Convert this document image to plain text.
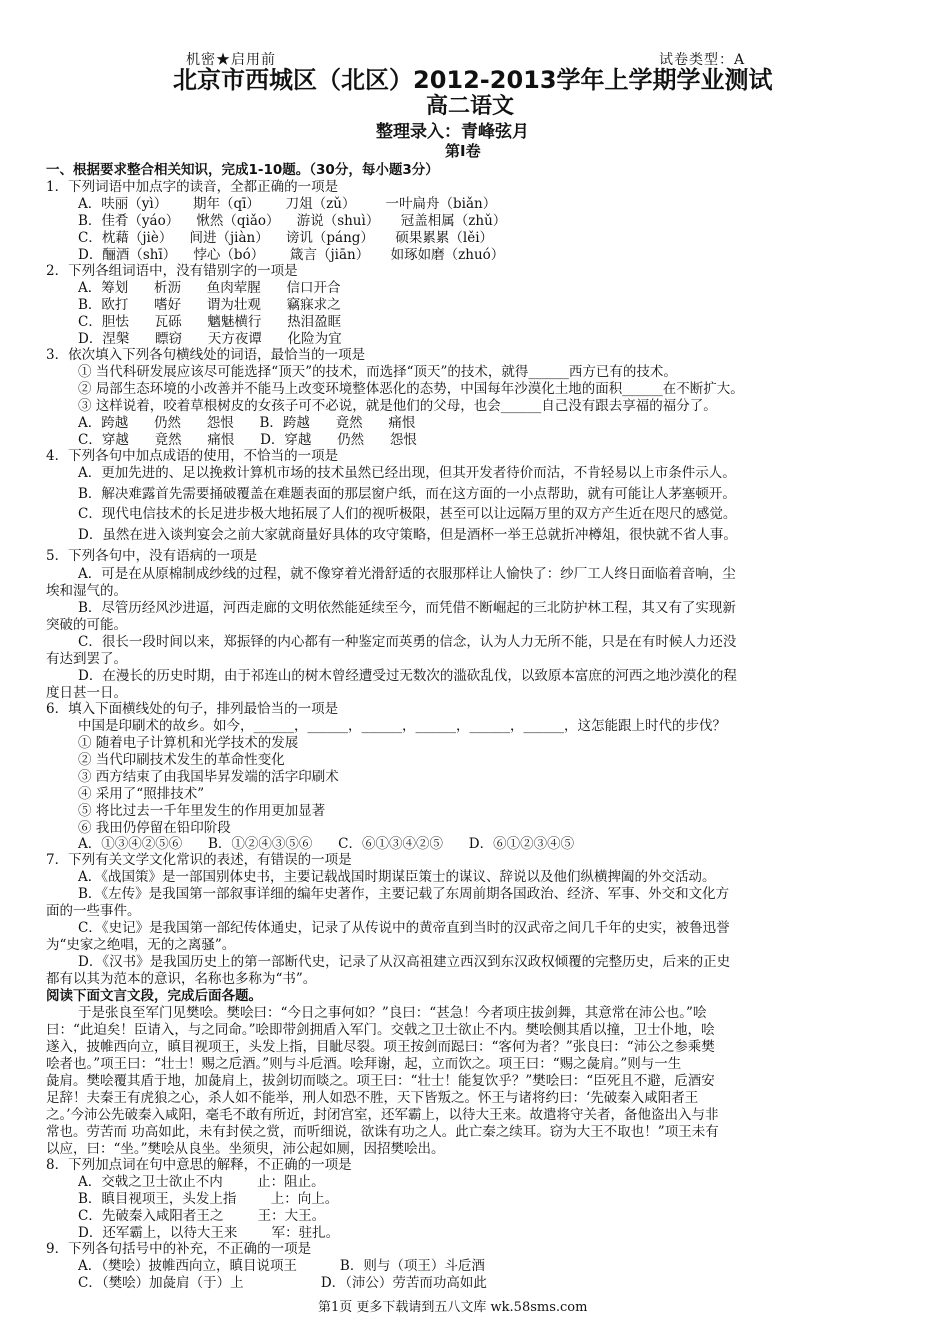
机密★启用前	试卷类型：A
北京市西城区（北区）2012-2013学年上学期学业测试
高二语文
整理录入：青峰弦月
第Ⅰ卷
一、根据要求整合相关知识，完成1-10题。（30分，每小题3分）
1．下列词语中加点字的读音，全都正确的一项是
A．呋丽（yì）      期年（qī）      刀俎（zǔ）       一叶扁舟（biǎn）
B．佳肴（yáo）    愀然（qiǎo）    游说（shuì）     冠盖相属（zhǔ）
C．枕藉（jiè）    间进（jiàn）    谤讥（páng）     硕果累累（lěi）
D．酾酒（shī）    悖心（bó）      箴言（jiān）     如琢如磨（zhuó）
2．下列各组词语中，没有错别字的一项是
A．筹划      析沥      鱼肉荤腥      信口开合
B．欧打      嗜好      谓为壮观      竊寐求之
C．胆怯      瓦砾      魑魅横行      热泪盈眶
D．涅槃      瞟窃      天方夜谭      化险为宜
3．依次填入下列各句横线处的词语，最恰当的一项是
① 当代科研发展应该尽可能选择“顶天”的技术，而选择“顶天”的技术，就得______西方已有的技术。
② 局部生态环境的小改善并不能马上改变环境整体恶化的态势，中国每年沙漠化土地的面积______在不断扩大。
③ 这样说着，咬着草根树皮的女孩子可不必说，就是他们的父母，也会______自己没有跟去享福的福分了。
A．跨越      仍然      怨恨      B．跨越      竟然      痛恨
C．穿越      竟然      痛恨      D．穿越      仍然      怨恨
4．下列各句中加点成语的使用，不恰当的一项是
A．更加先进的、足以挽救计算机市场的技术虽然已经出现，但其开发者待价而沽，不肯轻易以上市条件示人。
B．解决难露首先需要捅破覆盖在难题表面的那层窗户纸，而在这方面的一小点帮助，就有可能让人茅塞顿开。
C．现代电信技术的长足进步极大地拓展了人们的视听极限，甚至可以让远隔万里的双方产生近在咫尺的感觉。
D．虽然在进入谈判宴会之前大家就商量好具体的攻守策略，但是酒杯一举王总就折冲樽俎，很快就不省人事。
5．下列各句中，没有语病的一项是
A．可是在从原棉制成纱线的过程，就不像穿着光滑舒适的衣服那样让人愉快了：纱厂工人终日面临着音响，尘
埃和湿气的。
B．尽管历经风沙进逼，河西走廊的文明依然能延续至今，而凭借不断崛起的三北防护林工程，其又有了实现新
突破的可能。
C．很长一段时间以来，郑振铎的内心都有一种鉴定而英勇的信念，认为人力无所不能，只是在有时候人力还没
有达到罢了。
D．在漫长的历史时期，由于祁连山的树木曾经遭受过无数次的滥砍乱伐，以致原本富庶的河西之地沙漠化的程
度日甚一日。
6．填入下面横线处的句子，排列最恰当的一项是
中国是印刷术的故乡。如今，______，______，______，______，______，______，这怎能跟上时代的步伐？
① 随着电子计算机和光学技术的发展
② 当代印刷技术发生的革命性变化
③ 西方结束了由我国毕昇发端的活字印刷术
④ 采用了“照排技术”
⑤ 将比过去一千年里发生的作用更加显著
⑥ 我田仍停留在铅印阶段
A．①③④②⑤⑥      B．①②④③⑤⑥      C．⑥①③④②⑤      D．⑥①②③④⑤
7．下列有关文学文化常识的表述，有错误的一项是
A．《战国策》是一部国别体史书，主要记载战国时期谋臣策士的谋议、辞说以及他们纵横捭阖的外交活动。
B．《左传》是我国第一部叙事详细的编年史著作，主要记载了东周前期各国政治、经济、军事、外交和文化方
面的一些事件。
C．《史记》是我国第一部纪传体通史，记录了从传说中的黄帝直到当时的汉武帝之间几千年的史实，被鲁迅誉
为“史家之绝唱，无的之离骚”。
D．《汉书》是我国历史上的第一部断代史，记录了从汉高祖建立西汉到东汉政权倾覆的完整历史，后来的正史
都有以其为范本的意识，名称也多称为“书”。
阅读下面文言文段，完成后面各题。
于是张良至军门见樊哙。樊哙曰：“今日之事何如？”良曰：“甚急！今者项庄拔剑舞，其意常在沛公也。”哙
曰：“此迫矣！臣请入，与之同命。”哙即带剑拥盾入军门。交戟之卫士欲止不内。樊哙侧其盾以撞，卫士仆地，哙
遂入，披帷西向立，瞋目视项王，头发上指，目眦尽裂。项王按剑而跽曰：“客何为者？”张良曰：“沛公之参乘樊
哙者也。”项王曰：“壮士！赐之卮酒。”则与斗卮酒。哙拜谢，起，立而饮之。项王曰：“赐之彘肩。”则与一生
彘肩。樊哙覆其盾于地，加彘肩上，拔剑切而啖之。项王曰：“壮士！能复饮乎？”樊哙曰：“臣死且不避，卮酒安
足辞！夫秦王有虎狼之心，杀人如不能举，刑人如恐不胜，天下皆叛之。怀王与诸将约曰：‘先破秦入咸阳者王
之。’今沛公先破秦入咸阳，毫毛不敢有所近，封闭宫室，还军霸上，以待大王来。故遣将守关者，备他盗出入与非
常也。劳苦而 功高如此，未有封侯之赏，而听细说，欲诛有功之人。此亡秦之续耳。窃为大王不取也！”项王未有
以应，曰：“坐。”樊哙从良坐。坐须臾，沛公起如厕，因招樊哙出。
8．下列加点词在句中意思的解释，不正确的一项是
A．交戟之卫士欲止不内        止：阻止。
B．瞋目视项王，头发上指        上：向上。
C．先破秦入咸阳者王之        王：大王。
D．还军霸上，以待大王来        军：驻扎。
9．下列各句括号中的补充，不正确的一项是
A．（樊哙）披帷西向立，瞋目说项王          B．则与（项王）斗卮酒
C．（樊哙）加彘肩（于）上                  D．（沛公）劳苦而功高如此
第1页 更多下载请到五八文库 wk.58sms.com
